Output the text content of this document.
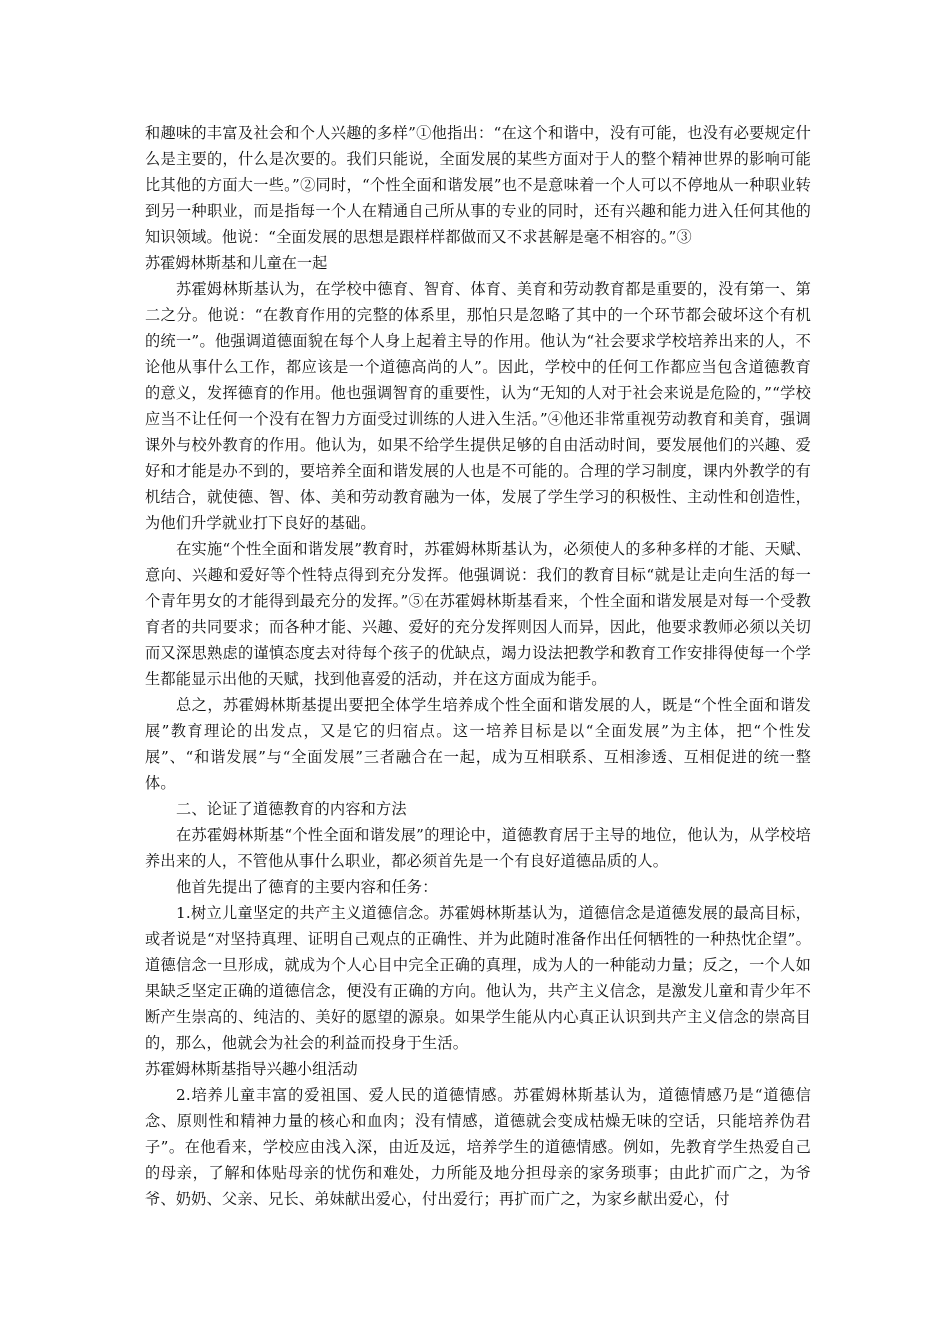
和趣味的丰富及社会和个人兴趣的多样”①他指出：“在这个和谐中，没有可能，也没有必要规定什么是主要的，什么是次要的。我们只能说，全面发展的某些方面对于人的整个精神世界的影响可能比其他的方面大一些。”②同时，“个性全面和谐发展”也不是意味着一个人可以不停地从一种职业转到另一种职业，而是指每一个人在精通自己所从事的专业的同时，还有兴趣和能力进入任何其他的知识领域。他说：“全面发展的思想是跟样样都做而又不求甚解是毫不相容的。”③

苏霍姆林斯基和儿童在一起

苏霍姆林斯基认为，在学校中德育、智育、体育、美育和劳动教育都是重要的，没有第一、第二之分。他说：“在教育作用的完整的体系里，那怕只是忽略了其中的一个环节都会破坏这个有机的统一”。他强调道德面貌在每个人身上起着主导的作用。他认为“社会要求学校培养出来的人，不论他从事什么工作，都应该是一个道德高尚的人”。因此，学校中的任何工作都应当包含道德教育的意义，发挥德育的作用。他也强调智育的重要性，认为“无知的人对于社会来说是危险的，”“学校应当不让任何一个没有在智力方面受过训练的人进入生活。”④他还非常重视劳动教育和美育，强调课外与校外教育的作用。他认为，如果不给学生提供足够的自由活动时间，要发展他们的兴趣、爱好和才能是办不到的，要培养全面和谐发展的人也是不可能的。合理的学习制度，课内外教学的有机结合，就使德、智、体、美和劳动教育融为一体，发展了学生学习的积极性、主动性和创造性，为他们升学就业打下良好的基础。

在实施“个性全面和谐发展”教育时，苏霍姆林斯基认为，必须使人的多种多样的才能、天赋、意向、兴趣和爱好等个性特点得到充分发挥。他强调说：我们的教育目标“就是让走向生活的每一个青年男女的才能得到最充分的发挥。”⑤在苏霍姆林斯基看来，个性全面和谐发展是对每一个受教育者的共同要求；而各种才能、兴趣、爱好的充分发挥则因人而异，因此，他要求教师必须以关切而又深思熟虑的谨慎态度去对待每个孩子的优缺点，竭力设法把教学和教育工作安排得使每一个学生都能显示出他的天赋，找到他喜爱的活动，并在这方面成为能手。

总之，苏霍姆林斯基提出要把全体学生培养成个性全面和谐发展的人，既是“个性全面和谐发展”教育理论的出发点，又是它的归宿点。这一培养目标是以“全面发展”为主体，把“个性发展”、“和谐发展”与“全面发展”三者融合在一起，成为互相联系、互相渗透、互相促进的统一整体。

二、论证了道德教育的内容和方法

在苏霍姆林斯基“个性全面和谐发展”的理论中，道德教育居于主导的地位，他认为，从学校培养出来的人，不管他从事什么职业，都必须首先是一个有良好道德品质的人。

他首先提出了德育的主要内容和任务：

1.树立儿童坚定的共产主义道德信念。苏霍姆林斯基认为，道德信念是道德发展的最高目标，或者说是“对坚持真理、证明自己观点的正确性、并为此随时准备作出任何牺牲的一种热忱企望”。道德信念一旦形成，就成为个人心目中完全正确的真理，成为人的一种能动力量；反之，一个人如果缺乏坚定正确的道德信念，便没有正确的方向。他认为，共产主义信念，是激发儿童和青少年不断产生崇高的、纯洁的、美好的愿望的源泉。如果学生能从内心真正认识到共产主义信念的崇高目的，那么，他就会为社会的利益而投身于生活。

苏霍姆林斯基指导兴趣小组活动

2.培养儿童丰富的爱祖国、爱人民的道德情感。苏霍姆林斯基认为，道德情感乃是“道德信念、原则性和精神力量的核心和血肉；没有情感，道德就会变成枯燥无味的空话，只能培养伪君子”。在他看来，学校应由浅入深，由近及远，培养学生的道德情感。例如，先教育学生热爱自己的母亲，了解和体贴母亲的忧伤和难处，力所能及地分担母亲的家务琐事；由此扩而广之，为爷爷、奶奶、父亲、兄长、弟妹献出爱心，付出爱行；再扩而广之，为家乡献出爱心，付
